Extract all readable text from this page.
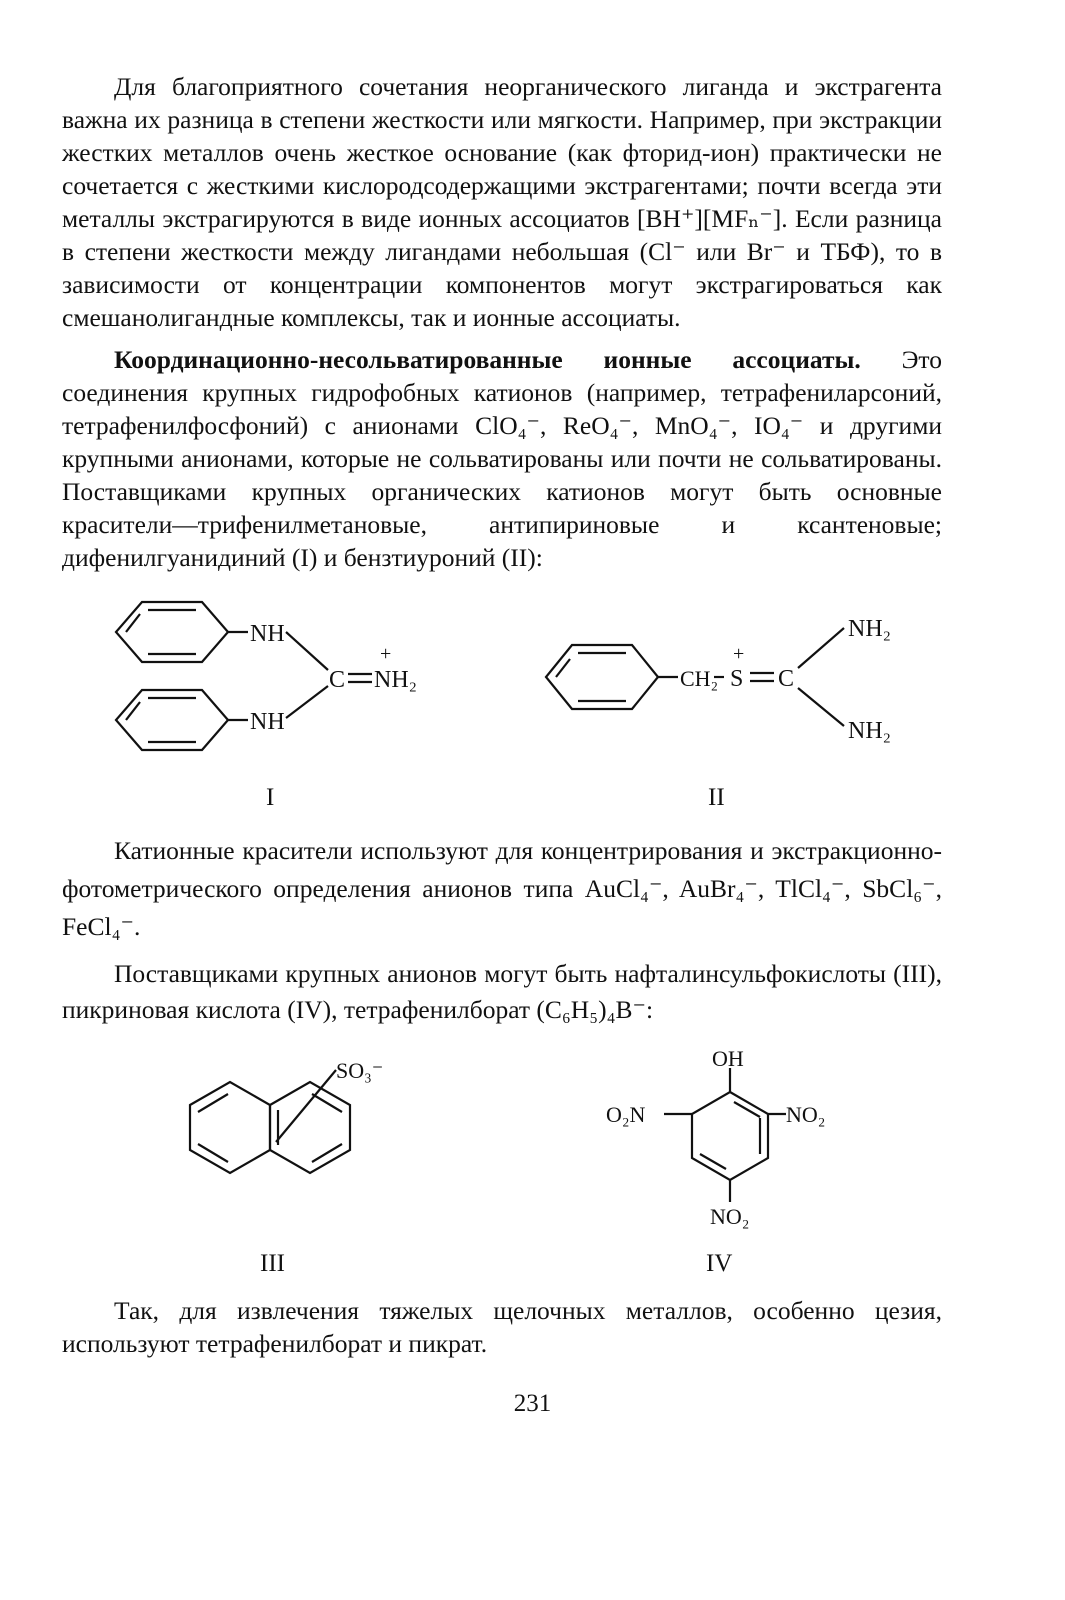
Для благоприятного сочетания неорганического лиганда и экстрагента важна их разница в степени жесткости или мягкости. Например, при экстракции жестких металлов очень жесткое основание (как фторид-ион) практически не сочетается с жесткими кислородсодержащими экстрагентами; почти всегда эти металлы экстрагируются в виде ионных ассоциатов [BH⁺][MFₙ⁻]. Если разница в степени жесткости между лигандами небольшая (Cl⁻ или Br⁻ и ТБФ), то в зависимости от концентрации компонентов могут экстрагироваться как смешанолигандные комплексы, так и ионные ассоциаты.

Координационно-несольватированные ионные ассоциаты. Это соединения крупных гидрофобных катионов (например, тетрафениларсоний, тетрафенилфосфоний) с анионами ClO₄⁻, ReO₄⁻, MnO₄⁻, IO₄⁻ и другими крупными анионами, которые не сольватированы или почти не сольватированы. Поставщиками крупных органических катионов могут быть основные красители—трифенилметановые, антипириновые и ксантеновые; дифенилгуанидиний (I) и бензтиуроний (II):

NH
NH
C NH₂
+
I
CH₂ S
+
C
NH₂
NH₂
II

Катионные красители используют для концентрирования и экстракционно-фотометрического определения анионов типа AuCl₄⁻, AuBr₄⁻, TlCl₄⁻, SbCl₆⁻, FeCl₄⁻.

Поставщиками крупных анионов могут быть нафталинсульфокислоты (III), пикриновая кислота (IV), тетрафенилборат (C₆H₅)₄B⁻:

SO₃⁻
III
OH
O₂N	NO₂
NO₂
IV

Так, для извлечения тяжелых щелочных металлов, особенно цезия, используют тетрафенилборат и пикрат.

231
